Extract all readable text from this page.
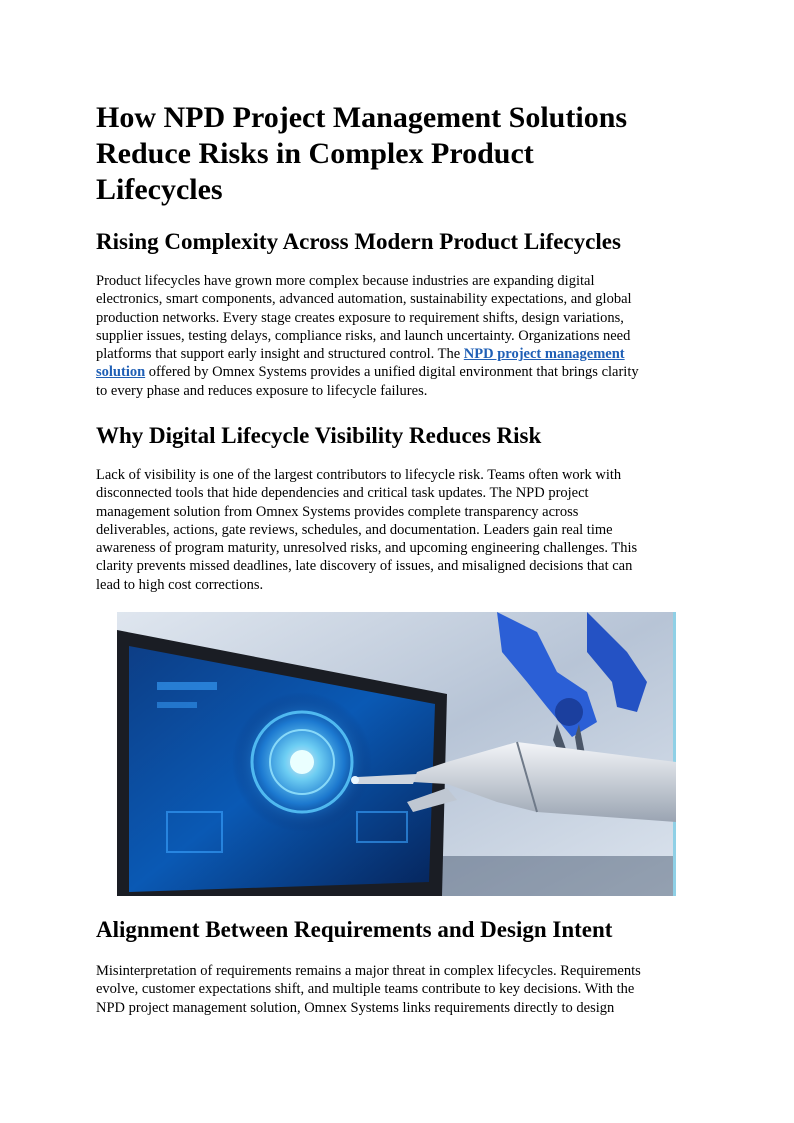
How NPD Project Management Solutions
Reduce Risks in Complex Product
Lifecycles
Rising Complexity Across Modern Product Lifecycles

Product lifecycles have grown more complex because industries are expanding digital
electronics, smart components, advanced automation, sustainability expectations, and global
production networks. Every stage creates exposure to requirement shifts, design variations,
supplier issues, testing delays, compliance risks, and launch uncertainty. Organizations need
platforms that support early insight and structured control. The NPD project management
solution offered by Omnex Systems provides a unified digital environment that brings clarity
to every phase and reduces exposure to lifecycle failures.

Why Digital Lifecycle Visibility Reduces Risk

Lack of visibility is one of the largest contributors to lifecycle risk. Teams often work with
disconnected tools that hide dependencies and critical task updates. The NPD project
management solution from Omnex Systems provides complete transparency across
deliverables, actions, gate reviews, schedules, and documentation. Leaders gain real time
awareness of program maturity, unresolved risks, and upcoming engineering challenges. This
clarity prevents missed deadlines, late discovery of issues, and misaligned decisions that can
lead to high cost corrections.

Alignment Between Requirements and Design Intent

Misinterpretation of requirements remains a major threat in complex lifecycles. Requirements
evolve, customer expectations shift, and multiple teams contribute to key decisions. With the
NPD project management solution, Omnex Systems links requirements directly to design
